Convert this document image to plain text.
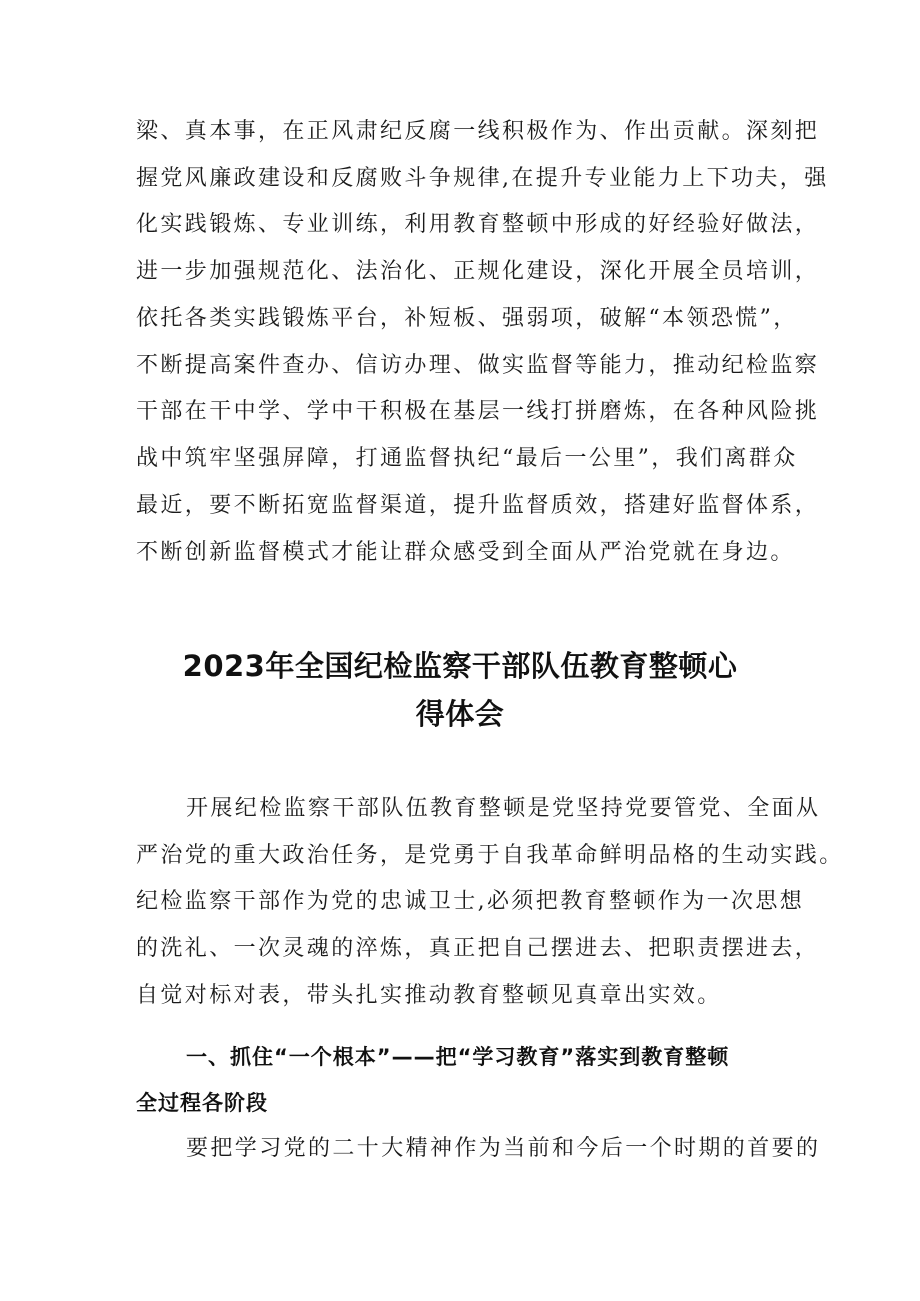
梁、真本事，在正风肃纪反腐一线积极作为、作出贡献。深刻把

握党风廉政建设和反腐败斗争规律,在提升专业能力上下功夫，强

化实践锻炼、专业训练，利用教育整顿中形成的好经验好做法，

进一步加强规范化、法治化、正规化建设，深化开展全员培训，

依托各类实践锻炼平台，补短板、强弱项，破解“本领恐慌”，

不断提高案件查办、信访办理、做实监督等能力，推动纪检监察

干部在干中学、学中干积极在基层一线打拼磨炼，在各种风险挑

战中筑牢坚强屏障，打通监督执纪“最后一公里”，我们离群众

最近，要不断拓宽监督渠道，提升监督质效，搭建好监督体系，

不断创新监督模式才能让群众感受到全面从严治党就在身边。

2023年全国纪检监察干部队伍教育整顿心
得体会

开展纪检监察干部队伍教育整顿是党坚持党要管党、全面从

严治党的重大政治任务，是党勇于自我革命鲜明品格的生动实践。

纪检监察干部作为党的忠诚卫士,必须把教育整顿作为一次思想

的洗礼、一次灵魂的淬炼，真正把自己摆进去、把职责摆进去，

自觉对标对表，带头扎实推动教育整顿见真章出实效。

一、抓住“一个根本”——把“学习教育”落实到教育整顿
全过程各阶段

要把学习党的二十大精神作为当前和今后一个时期的首要的
